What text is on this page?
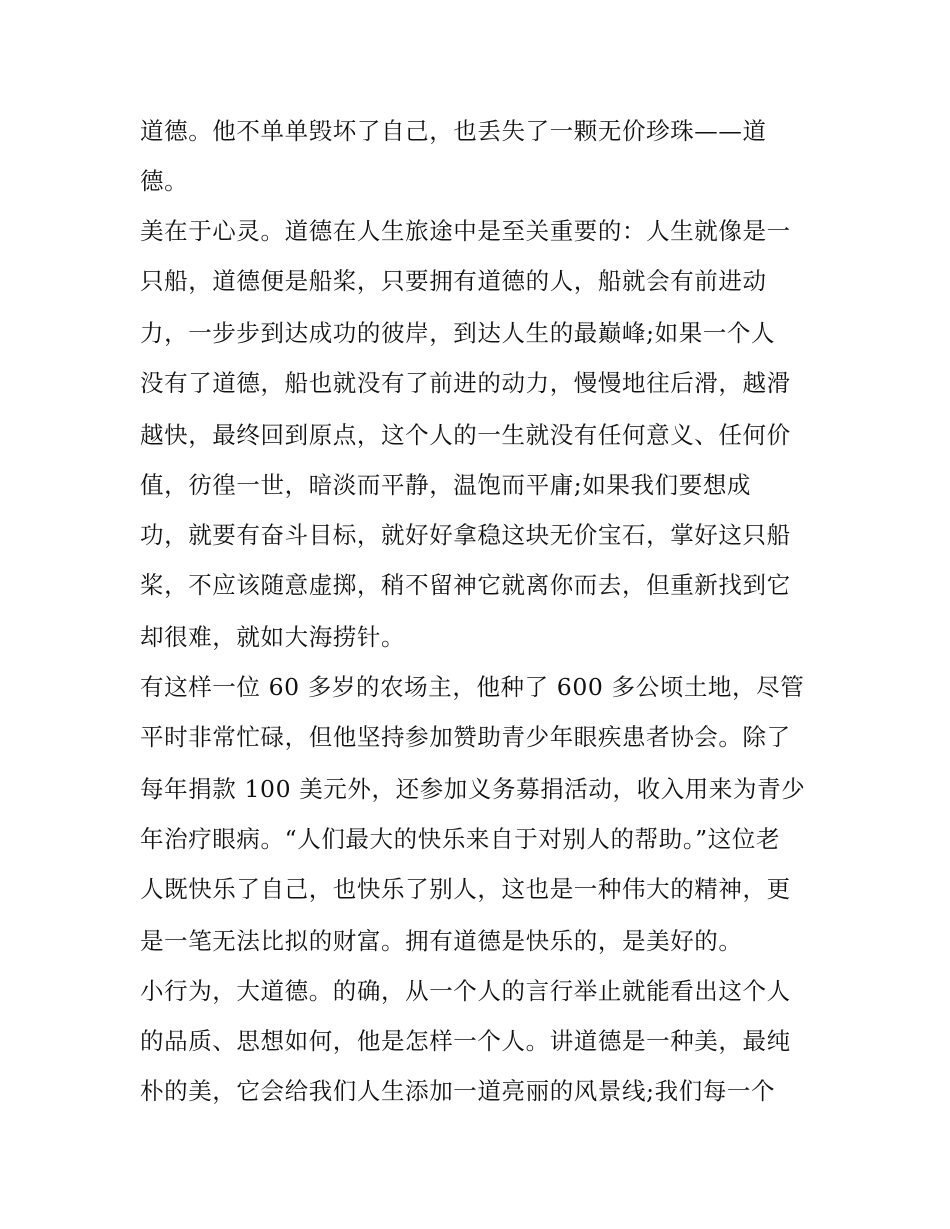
道德。他不单单毁坏了自己，也丢失了一颗无价珍珠——道
德。
美在于心灵。道德在人生旅途中是至关重要的：人生就像是一
只船，道德便是船桨，只要拥有道德的人，船就会有前进动
力，一步步到达成功的彼岸，到达人生的最巅峰;如果一个人
没有了道德，船也就没有了前进的动力，慢慢地往后滑，越滑
越快，最终回到原点，这个人的一生就没有任何意义、任何价
值，彷徨一世，暗淡而平静，温饱而平庸;如果我们要想成
功，就要有奋斗目标，就好好拿稳这块无价宝石，掌好这只船
桨，不应该随意虚掷，稍不留神它就离你而去，但重新找到它
却很难，就如大海捞针。
有这样一位 60 多岁的农场主，他种了 600 多公顷土地，尽管
平时非常忙碌，但他坚持参加赞助青少年眼疾患者协会。除了
每年捐款 100 美元外，还参加义务募捐活动，收入用来为青少
年治疗眼病。“人们最大的快乐来自于对别人的帮助。”这位老
人既快乐了自己，也快乐了别人，这也是一种伟大的精神，更
是一笔无法比拟的财富。拥有道德是快乐的，是美好的。
小行为，大道德。的确，从一个人的言行举止就能看出这个人
的品质、思想如何，他是怎样一个人。讲道德是一种美，最纯
朴的美，它会给我们人生添加一道亮丽的风景线;我们每一个
